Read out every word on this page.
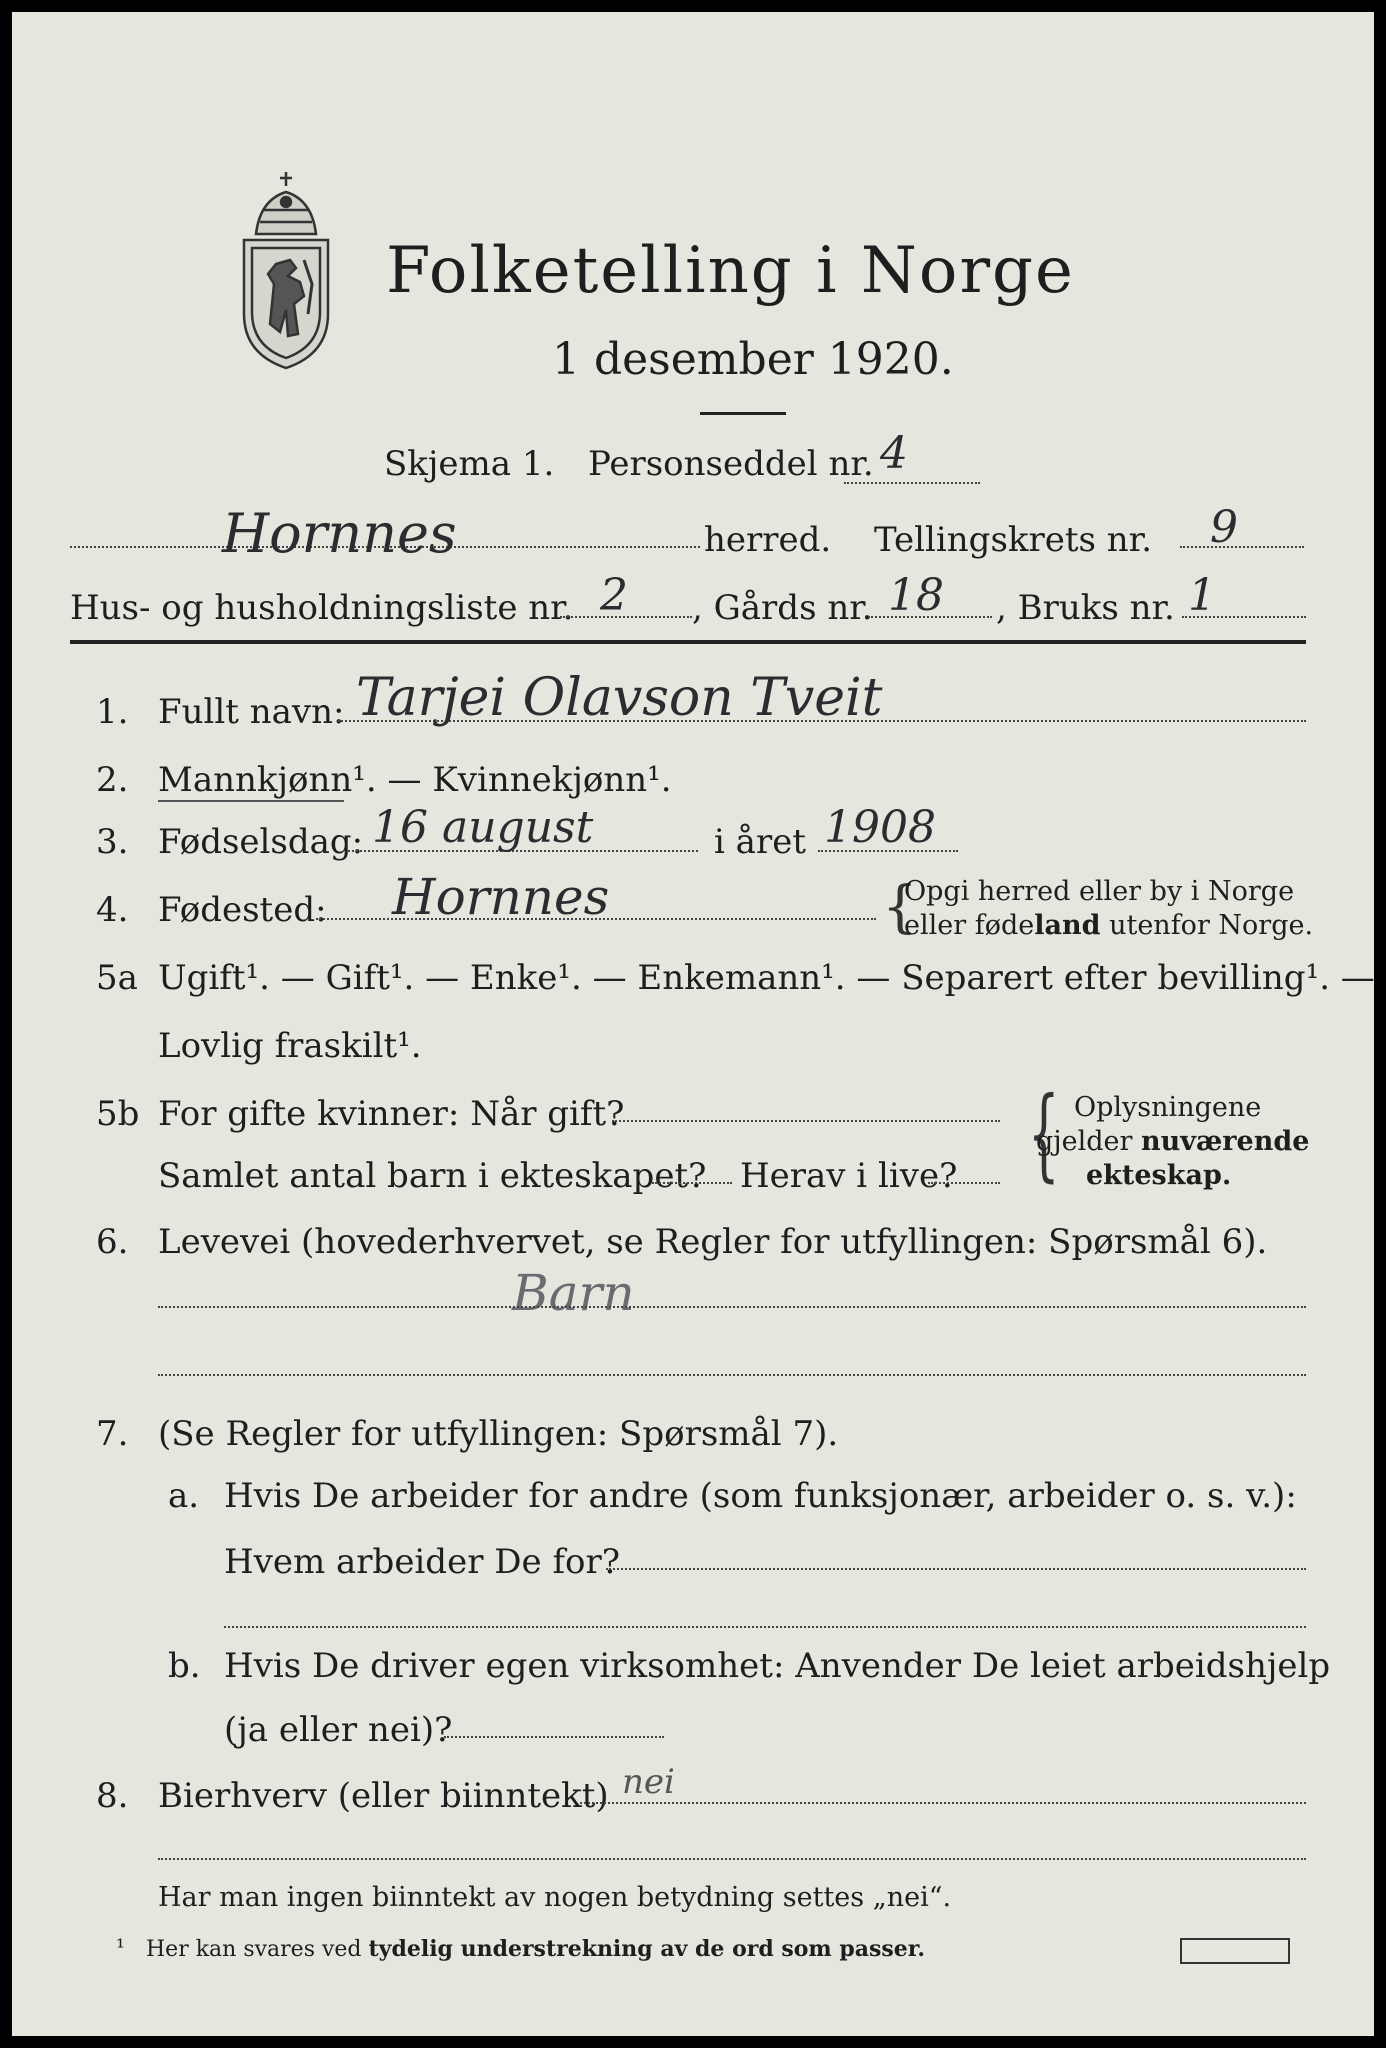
Folketelling i Norge
1 desember 1920.
Skjema 1. Personseddel nr. 4
Hornnes	herred. Tellingskrets nr. 9
Hus- og husholdningsliste nr. 2 , Gårds nr. 18 , Bruks nr. 1
1. Fullt navn: Tarjei Olavson Tveit
2. Mannkjønn¹. — Kvinnekjønn¹.
3. Fødselsdag: 16 august	i året 1908
4. Fødested: Hornnes	{
Opgi herred eller by i Norge
eller fødeland utenfor Norge.
5a Ugift¹. — Gift¹. — Enke¹. — Enkemann¹. — Separert efter bevilling¹. —
Lovlig fraskilt¹.
5b For gifte kvinner: Når gift?
Samlet antal barn i ekteskapet? Herav i live? { Oplysningene
gjelder nuværende
ekteskap.
6. Levevei (hovederhvervet, se Regler for utfyllingen: Spørsmål 6).
Barn
7. (Se Regler for utfyllingen: Spørsmål 7).
a. Hvis De arbeider for andre (som funksjonær, arbeider o. s. v.):
Hvem arbeider De for?
b. Hvis De driver egen virksomhet: Anvender De leiet arbeidshjelp
(ja eller nei)?
8. Bierhverv (eller biinntekt) nei
Har man ingen biinntekt av nogen betydning settes „nei“.
¹ Her kan svares ved tydelig understrekning av de ord som passer.
